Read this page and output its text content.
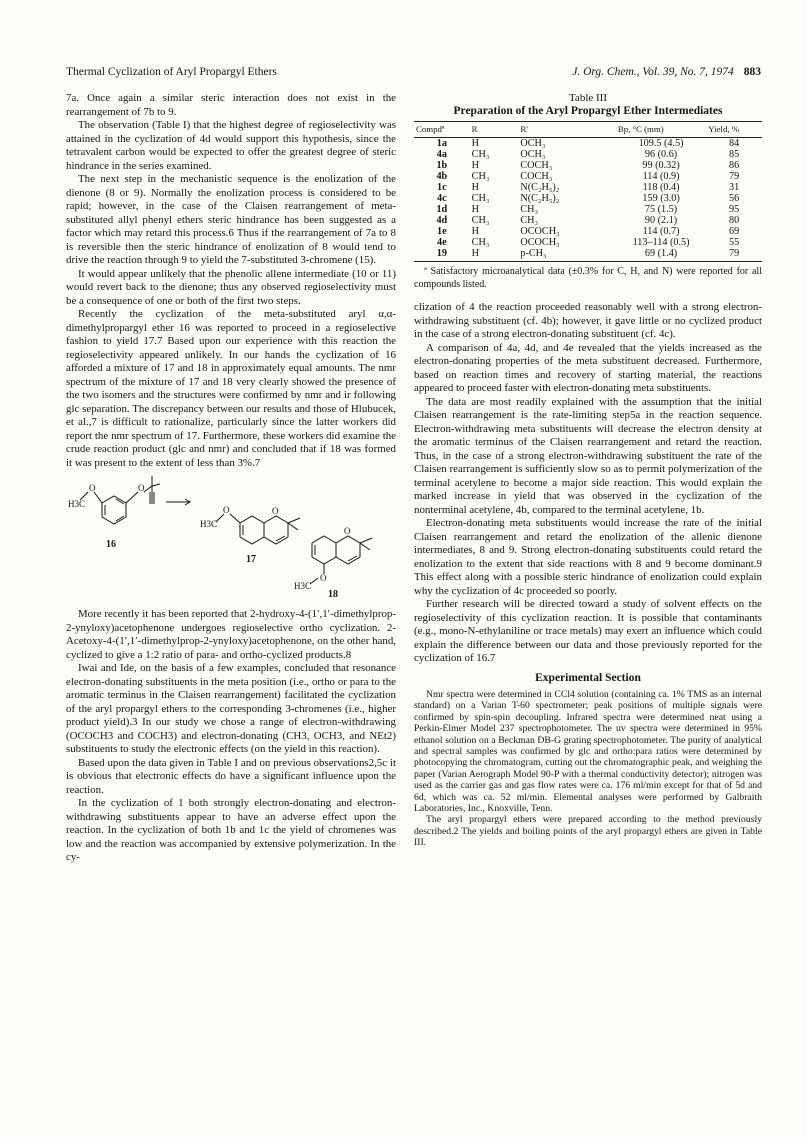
Thermal Cyclization of Aryl Propargyl Ethers	J. Org. Chem., Vol. 39, No. 7, 1974 883

7a. Once again a similar steric interaction does not exist in the rearrangement of 7b to 9.

The observation (Table I) that the highest degree of regioselectivity was attained in the cyclization of 4d would support this hypothesis, since the tetravalent carbon would be expected to offer the greatest degree of steric hindrance in the series examined.

The next step in the mechanistic sequence is the enolization of the dienone (8 or 9). Normally the enolization process is considered to be rapid; however, in the case of the Claisen rearrangement of meta-substituted allyl phenyl ethers steric hindrance has been suggested as a factor which may retard this process.6 Thus if the rearrangement of 7a to 8 is reversible then the steric hindrance of enolization of 8 would tend to drive the reaction through 9 to yield the 7-substituted 3-chromene (15).

It would appear unlikely that the phenolic allene intermediate (10 or 11) would revert back to the dienone; thus any observed regioselectivity must be a consequence of one or both of the first two steps.

Recently the cyclization of the meta-substituted aryl α,α-dimethylpropargyl ether 16 was reported to proceed in a regioselective fashion to yield 17.7 Based upon our experience with this reaction the regioselectivity appeared unlikely. In our hands the cyclization of 16 afforded a mixture of 17 and 18 in approximately equal amounts. The nmr spectrum of the mixture of 17 and 18 very clearly showed the presence of the two isomers and the structures were confirmed by nmr and ir following glc separation. The discrepancy between our results and those of Hlubucek, et al.,7 is difficult to rationalize, particularly since the latter workers did report the nmr spectrum of 17. Furthermore, these workers did examine the crude reaction product (glc and nmr) and concluded that if 18 was formed it was present to the extent of less than 3%.7

H3C
O	O
16
H3C
O	O
17
O
H3C
O
18

More recently it has been reported that 2-hydroxy-4-(1′,1′-dimethylprop-2-ynyloxy)acetophenone undergoes regioselective ortho cyclization. 2-Acetoxy-4-(1′,1′-dimethylprop-2-ynyloxy)acetophenone, on the other hand, cyclized to give a 1:2 ratio of para- and ortho-cyclized products.8

Iwai and Ide, on the basis of a few examples, concluded that resonance electron-donating substituents in the meta position (i.e., ortho or para to the aromatic terminus in the Claisen rearrangement) facilitated the cyclization of the aryl propargyl ethers to the corresponding 3-chromenes (i.e., higher product yield).3 In our study we chose a range of electron-withdrawing (OCOCH3 and COCH3) and electron-donating (CH3, OCH3, and NEt2) substituents to study the electronic effects (on the yield in this reaction).

Based upon the data given in Table I and on previous observations2,5c it is obvious that electronic effects do have a significant influence upon the reaction.

In the cyclization of 1 both strongly electron-donating and electron-withdrawing substituents appear to have an adverse effect upon the reaction. In the cyclization of both 1b and 1c the yield of chromenes was low and the reaction was accompanied by extensive polymerization. In the cy-

Table III
Preparation of the Aryl Propargyl Ether Intermediates
Compdª	R	R′	Bp, °C (mm)	Yield, %
1a	H	OCH₃	109.5 (4.5)	84
4a	CH₃	OCH₃	96 (0.6)	85
1b	H	COCH₃	99 (0.32)	86
4b	CH₃	COCH₃	114 (0.9)	79
1c	H	N(C₂H₅)₂	118 (0.4)	31
4c	CH₃	N(C₂H₅)₂	159 (3.0)	56
1d	H	CH₃	75 (1.5)	95
4d	CH₃	CH₃	90 (2.1)	80
1e	H	OCOCH₃	114 (0.7)	69
4e	CH₃	OCOCH₃	113–114 (0.5)	55
19	H	p-CH₃	69 (1.4)	79
ª Satisfactory microanalytical data (±0.3% for C, H, and N) were reported for all compounds listed.

clization of 4 the reaction proceeded reasonably well with a strong electron-withdrawing substituent (cf. 4b); however, it gave little or no cyclized product in the case of a strong electron-donating substituent (cf. 4c).

A comparison of 4a, 4d, and 4e revealed that the yields increased as the electron-donating properties of the meta substituent decreased. Furthermore, based on reaction times and recovery of starting material, the reactions appeared to proceed faster with electron-donating meta substituents.

The data are most readily explained with the assumption that the initial Claisen rearrangement is the rate-limiting step5a in the reaction sequence. Electron-withdrawing meta substituents will decrease the electron density at the aromatic terminus of the Claisen rearrangement and retard the reaction. Thus, in the case of a strong electron-withdrawing substituent the rate of the Claisen rearrangement is sufficiently slow so as to permit polymerization of the terminal acetylene to become a major side reaction. This would explain the marked increase in yield that was observed in the cyclization of the nonterminal acetylene, 4b, compared to the terminal acetylene, 1b.

Electron-donating meta substituents would increase the rate of the initial Claisen rearrangement and retard the enolization of the allenic dienone intermediates, 8 and 9. Strong electron-donating substituents could retard the enolization to the extent that side reactions with 8 and 9 become dominant.9 This effect along with a possible steric hindrance of enolization could explain why the cyclization of 4c proceeded so poorly.

Further research will be directed toward a study of solvent effects on the regioselectivity of this cyclization reaction. It is possible that contaminants (e.g., mono-N-ethylaniline or trace metals) may exert an influence which could explain the difference between our data and those previously reported for the cyclization of 16.7

Experimental Section

Nmr spectra were determined in CCl4 solution (containing ca. 1% TMS as an internal standard) on a Varian T-60 spectrometer; peak positions of multiple signals were confirmed by spin-spin decoupling. Infrared spectra were determined neat using a Perkin-Elmer Model 237 spectrophotometer. The uv spectra were determined in 95% ethanol solution on a Beckman DB-G grating spectrophotometer. The purity of analytical and spectral samples was confirmed by glc and ortho:para ratios were determined by photocopying the chromatogram, cutting out the chromatographic peak, and weighing the paper (Varian Aerograph Model 90-P with a thermal conductivity detector); nitrogen was used as the carrier gas and gas flow rates were ca. 176 ml/min except for that of 5d and 6d, which was ca. 52 ml/min. Elemental analyses were performed by Galbraith Laboratories, Inc., Knoxville, Tenn.

The aryl propargyl ethers were prepared according to the method previously described.2 The yields and boiling points of the aryl propargyl ethers are given in Table III.
